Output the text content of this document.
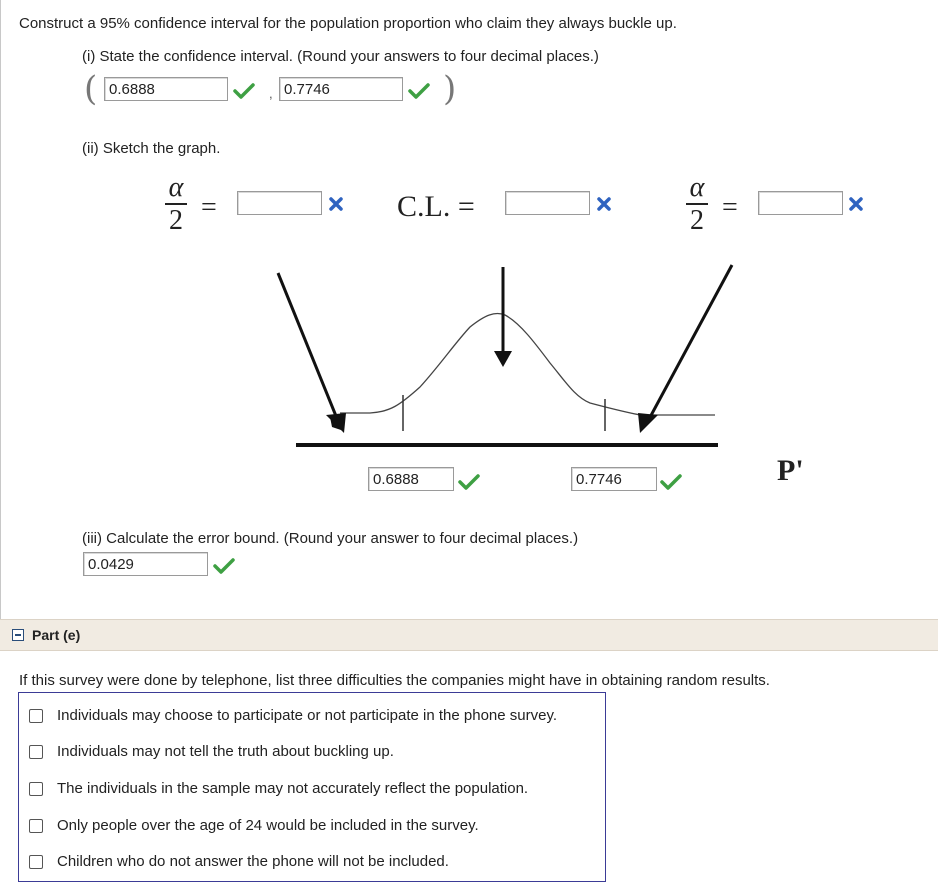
Construct a 95% confidence interval for the population proportion who claim they always buckle up.
(i) State the confidence interval. (Round your answers to four decimal places.)
(
0.6888	,
0.7746	)
(ii) Sketch the graph.
α
2 =	C.L. =
α
2 =
0.6888
0.7746
P'
(iii) Calculate the error bound. (Round your answer to four decimal places.)
0.0429
Part (e)
If this survey were done by telephone, list three difficulties the companies might have in obtaining random results.
Individuals may choose to participate or not participate in the phone survey.
Individuals may not tell the truth about buckling up.
The individuals in the sample may not accurately reflect the population.
Only people over the age of 24 would be included in the survey.
Children who do not answer the phone will not be included.
